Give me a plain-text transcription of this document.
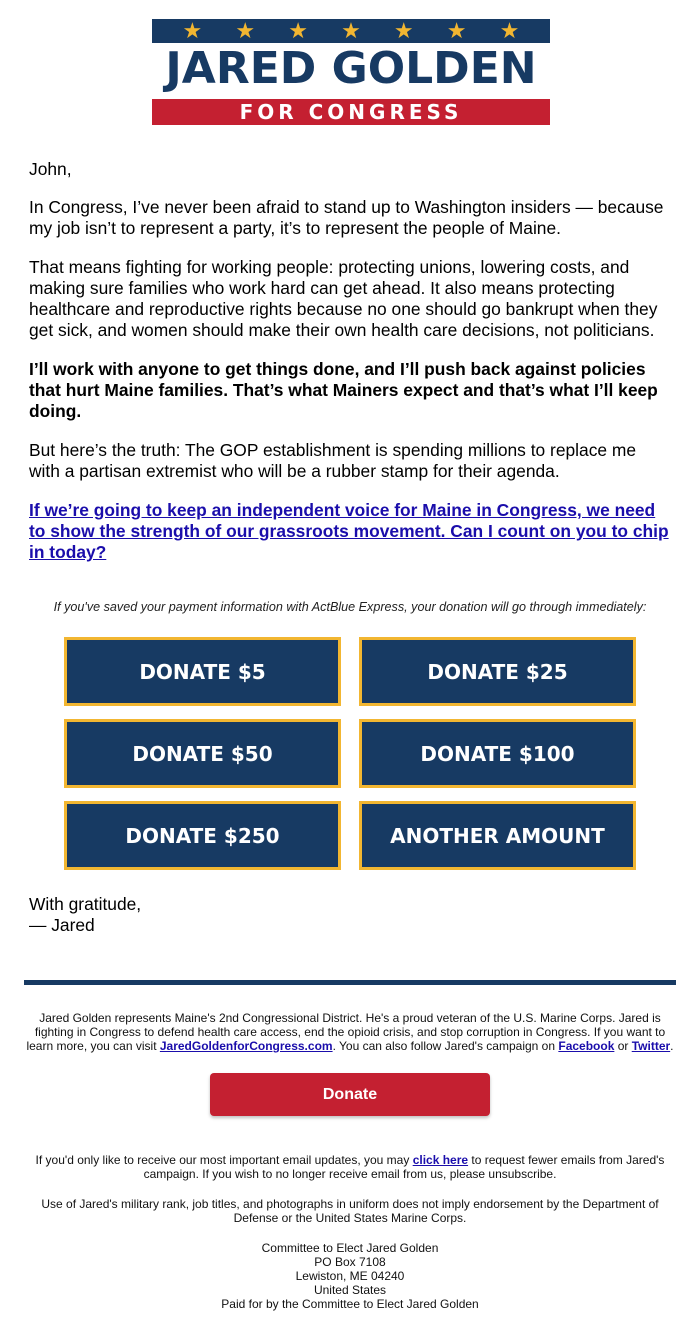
★ ★ ★ ★ ★ ★ ★
JARED GOLDEN
FOR CONGRESS

John,

In Congress, I’ve never been afraid to stand up to Washington insiders — because my job isn’t to represent a party, it’s to represent the people of Maine.

That means fighting for working people: protecting unions, lowering costs, and making sure families who work hard can get ahead. It also means protecting healthcare and reproductive rights because no one should go bankrupt when they get sick, and women should make their own health care decisions, not politicians.

I’ll work with anyone to get things done, and I’ll push back against policies that hurt Maine families. That’s what Mainers expect and that’s what I’ll keep doing.

But here’s the truth: The GOP establishment is spending millions to replace me with a partisan extremist who will be a rubber stamp for their agenda.

If we’re going to keep an independent voice for Maine in Congress, we need to show the strength of our grassroots movement. Can I count on you to chip in today?

If you've saved your payment information with ActBlue Express, your donation will go through immediately:
DONATE $5	DONATE $25
DONATE $50	DONATE $100
DONATE $250	ANOTHER AMOUNT
With gratitude,
— Jared
Jared Golden represents Maine's 2nd Congressional District. He's a proud veteran of the U.S. Marine Corps. Jared is fighting in Congress to defend health care access, end the opioid crisis, and stop corruption in Congress. If you want to learn more, you can visit JaredGoldenforCongress.com. You can also follow Jared's campaign on Facebook or Twitter.
Donate
If you'd only like to receive our most important email updates, you may click here to request fewer emails from Jared's campaign. If you wish to no longer receive email from us, please unsubscribe.
Use of Jared's military rank, job titles, and photographs in uniform does not imply endorsement by the Department of Defense or the United States Marine Corps.
Committee to Elect Jared Golden
PO Box 7108
Lewiston, ME 04240
United States
Paid for by the Committee to Elect Jared Golden
